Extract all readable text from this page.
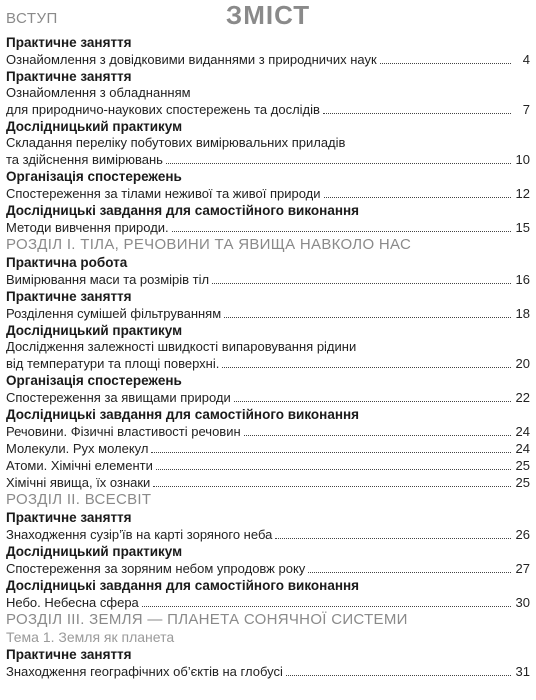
ЗМІСТ
ВСТУП
Практичне заняття
Ознайомлення з довідковими виданнями з природничих наук	4
Практичне заняття
Ознайомлення з обладнанням
для природничо-наукових спостережень та дослідів	7
Дослідницький практикум
Складання переліку побутових вимірювальних приладів
та здійснення вимірювань	10
Організація спостережень
Спостереження за тілами неживої та живої природи	12
Дослідницькі завдання для самостійного виконання
Методи вивчення природи.	15
РОЗДІЛ І. ТІЛА, РЕЧОВИНИ ТА ЯВИЩА НАВКОЛО НАС
Практична робота
Вимірювання маси та розмірів тіл	16
Практичне заняття
Розділення сумішей фільтруванням	18
Дослідницький практикум
Дослідження залежності швидкості випаровування рідини
від температури та площі поверхні.	20
Організація спостережень
Спостереження за явищами природи	22
Дослідницькі завдання для самостійного виконання
Речовини. Фізичні властивості речовин	24
Молекули. Рух молекул	24
Атоми. Хімічні елементи	25
Хімічні явища, їх ознаки	25
РОЗДІЛ ІІ. ВСЕСВІТ
Практичне заняття
Знаходження сузір’їв на карті зоряного неба	26
Дослідницький практикум
Спостереження за зоряним небом упродовж року	27
Дослідницькі завдання для самостійного виконання
Небо. Небесна сфера	30
РОЗДІЛ ІІІ. ЗЕМЛЯ — ПЛАНЕТА СОНЯЧНОЇ СИСТЕМИ
Тема 1. Земля як планета
Практичне заняття
Знаходження географічних об’єктів на глобусі	31
